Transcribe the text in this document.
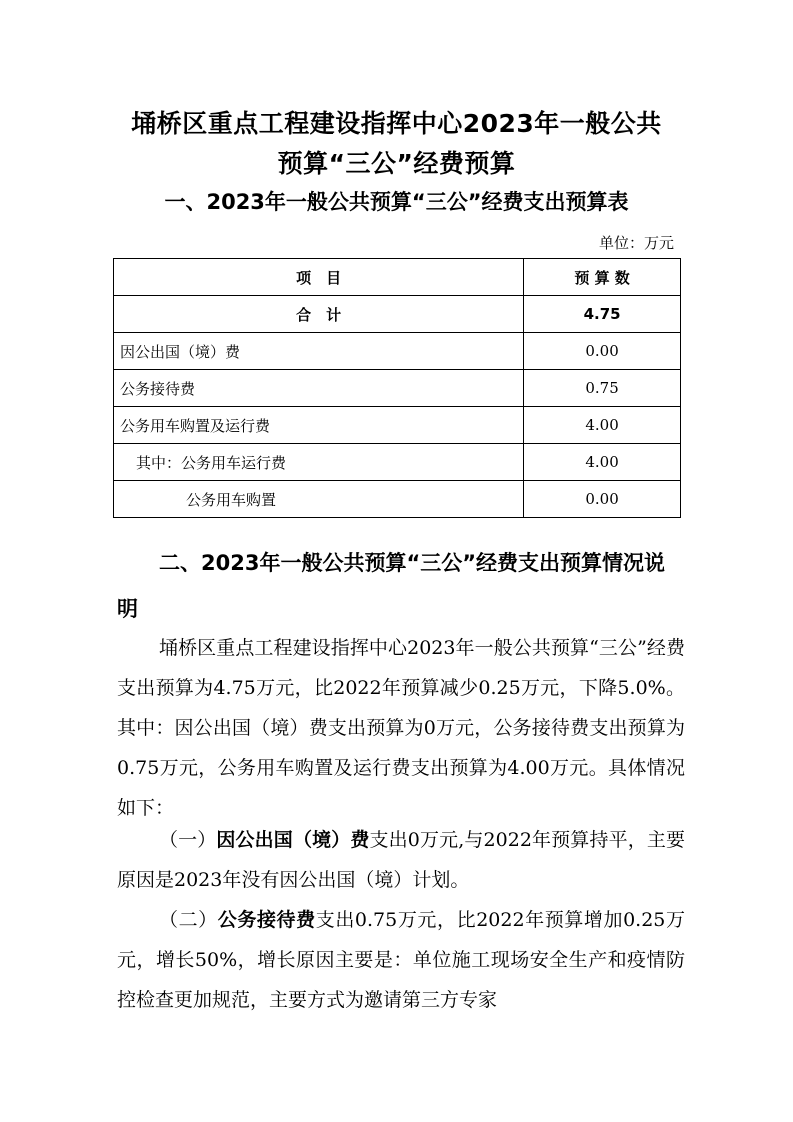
埇桥区重点工程建设指挥中心2023年一般公共
预算“三公”经费预算
一、2023年一般公共预算“三公”经费支出预算表
单位：万元
项　目	预 算 数
合　计	4.75
因公出国（境）费	0.00
公务接待费	0.75
公务用车购置及运行费	4.00
其中：公务用车运行费	4.00
公务用车购置	0.00
二、2023年一般公共预算“三公”经费支出预算情况说明
埇桥区重点工程建设指挥中心2023年一般公共预算“三公”经费支出预算为4.75万元，比2022年预算减少0.25万元，下降5.0%。其中：因公出国（境）费支出预算为0万元，公务接待费支出预算为0.75万元，公务用车购置及运行费支出预算为4.00万元。具体情况如下：
（一）因公出国（境）费支出0万元,与2022年预算持平，主要原因是2023年没有因公出国（境）计划。
（二）公务接待费支出0.75万元，比2022年预算增加0.25万元，增长50%，增长原因主要是：单位施工现场安全生产和疫情防控检查更加规范，主要方式为邀请第三方专家
